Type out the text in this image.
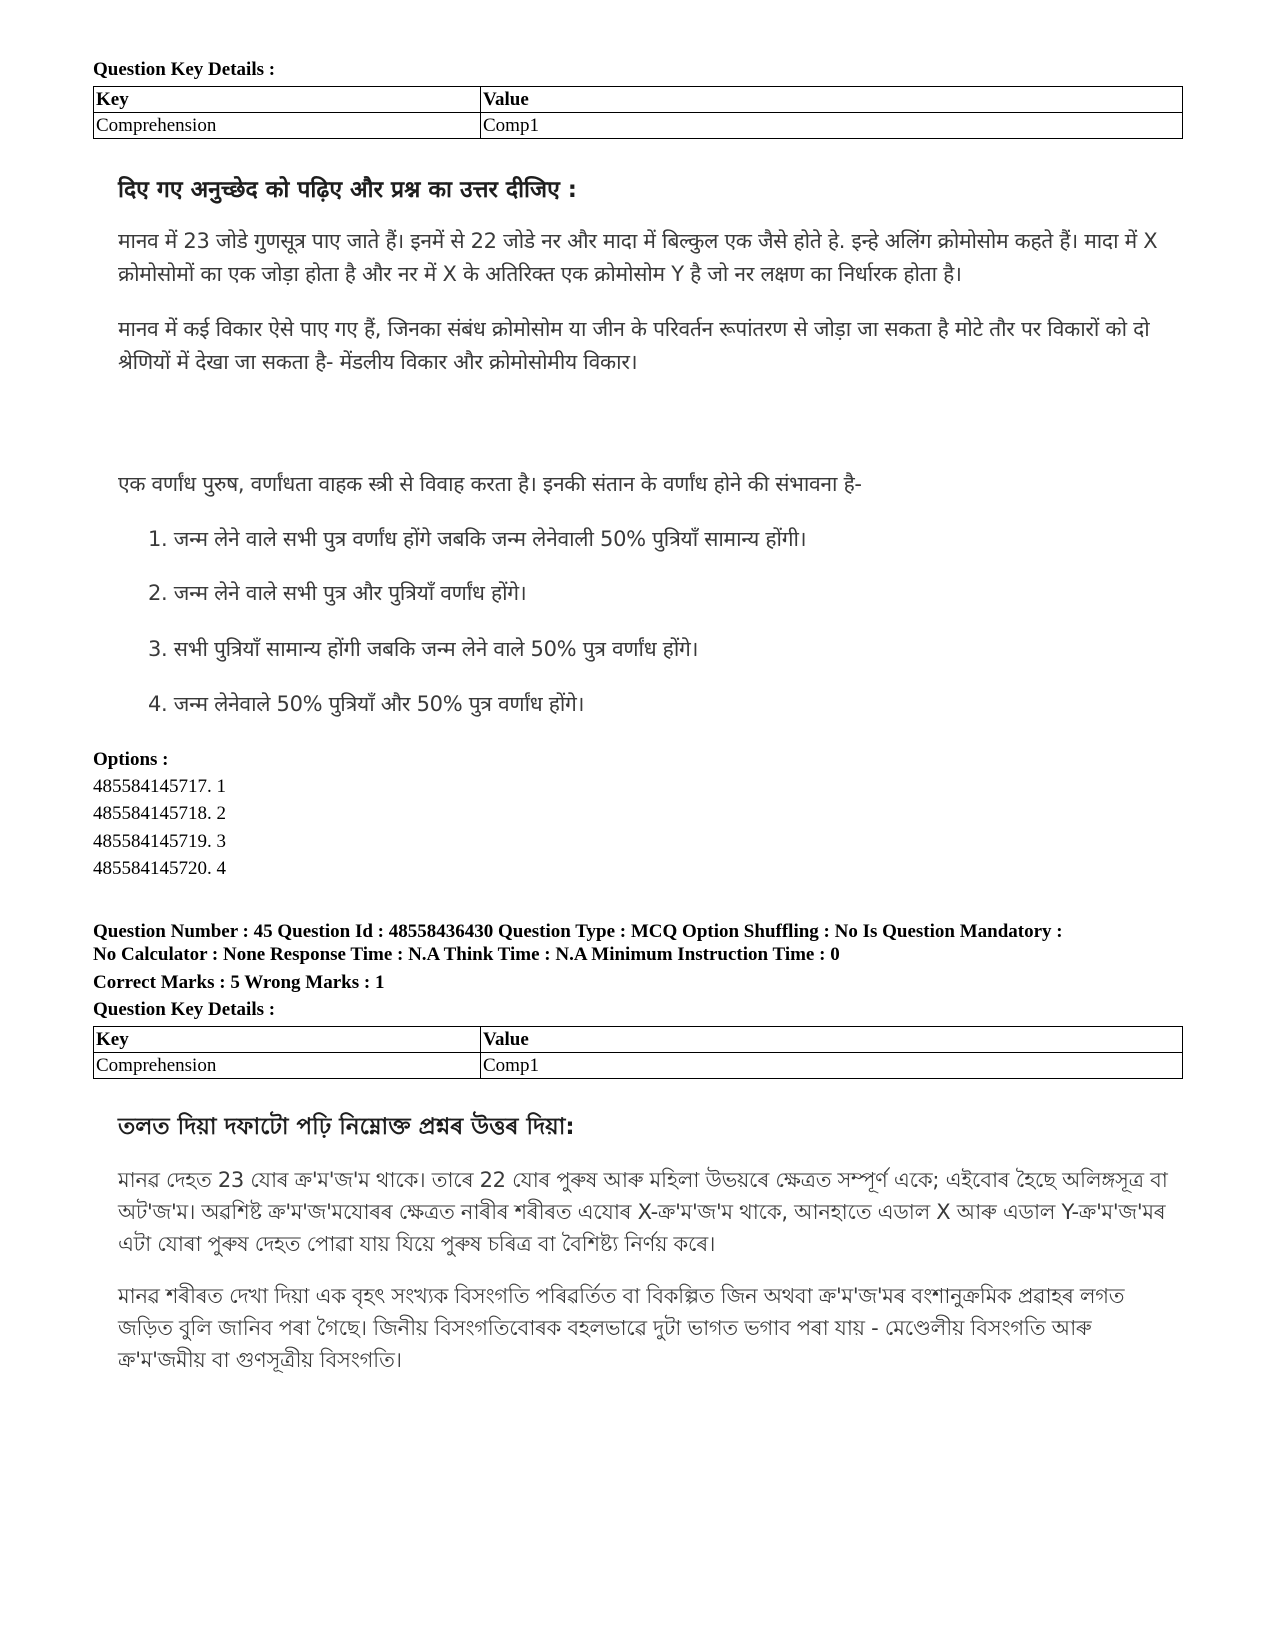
Question Key Details :
Key	Value
Comprehension	Comp1
दिए गए अनुच्छेद को पढ़िए और प्रश्न का उत्तर दीजिए :

मानव में 23 जोडे गुणसूत्र पाए जाते हैं। इनमें से 22 जोडे नर और मादा में बिल्कुल एक जैसे होते हे. इन्हे अलिंग क्रोमोसोम कहते हैं। मादा में X क्रोमोसोमों का एक जोड़ा होता है और नर में X के अतिरिक्त एक क्रोमोसोम Y है जो नर लक्षण का निर्धारक होता है।

मानव में कई विकार ऐसे पाए गए हैं, जिनका संबंध क्रोमोसोम या जीन के परिवर्तन रूपांतरण से जोड़ा जा सकता है मोटे तौर पर विकारों को दो श्रेणियों में देखा जा सकता है- मेंडलीय विकार और क्रोमोसोमीय विकार।

एक वर्णांध पुरुष, वर्णांधता वाहक स्त्री से विवाह करता है। इनकी संतान के वर्णांध होने की संभावना है-

1. जन्म लेने वाले सभी पुत्र वर्णांध होंगे जबकि जन्म लेनेवाली 50% पुत्रियाँ सामान्य होंगी।
2. जन्म लेने वाले सभी पुत्र और पुत्रियाँ वर्णांध होंगे।
3. सभी पुत्रियाँ सामान्य होंगी जबकि जन्म लेने वाले 50% पुत्र वर्णांध होंगे।
4. जन्म लेनेवाले 50% पुत्रियाँ और 50% पुत्र वर्णांध होंगे।
Options :
485584145717. 1
485584145718. 2
485584145719. 3
485584145720. 4
Question Number : 45 Question Id : 48558436430 Question Type : MCQ Option Shuffling : No Is Question Mandatory :
No Calculator : None Response Time : N.A Think Time : N.A Minimum Instruction Time : 0
Correct Marks : 5 Wrong Marks : 1
Question Key Details :
Key	Value
Comprehension	Comp1
তলত দিয়া দফাটো পঢ়ি নিম্নোক্ত প্ৰশ্নৰ উত্তৰ দিয়া:

মানৱ দেহত 23 যোৰ ক্ৰ'ম'জ'ম থাকে। তাৰে 22 যোৰ পুৰুষ আৰু মহিলা উভয়ৰে ক্ষেত্ৰত সম্পূৰ্ণ একে; এইবোৰ হৈছে অলিঙ্গসূত্ৰ বা অট'জ'ম। অৱশিষ্ট ক্ৰ'ম'জ'মযোৰৰ ক্ষেত্ৰত নাৰীৰ শৰীৰত এযোৰ X-ক্ৰ'ম'জ'ম থাকে, আনহাতে এডাল X আৰু এডাল Y-ক্ৰ'ম'জ'মৰ এটা যোৰা পুৰুষ দেহত পোৱা যায় যিয়ে পুৰুষ চৰিত্ৰ বা বৈশিষ্ট্য নিৰ্ণয় কৰে।

মানৱ শৰীৰত দেখা দিয়া এক বৃহৎ সংখ্যক বিসংগতি পৰিৱৰ্তিত বা বিকল্পিত জিন অথবা ক্ৰ'ম'জ'মৰ বংশানুক্ৰমিক প্ৰৱাহৰ লগত জড়িত বুলি জানিব পৰা গৈছে। জিনীয় বিসংগতিবোৰক বহলভাৱে দুটা ভাগত ভগাব পৰা যায় - মেণ্ডেলীয় বিসংগতি আৰু ক্ৰ'ম'জমীয় বা গুণসূত্ৰীয় বিসংগতি।
